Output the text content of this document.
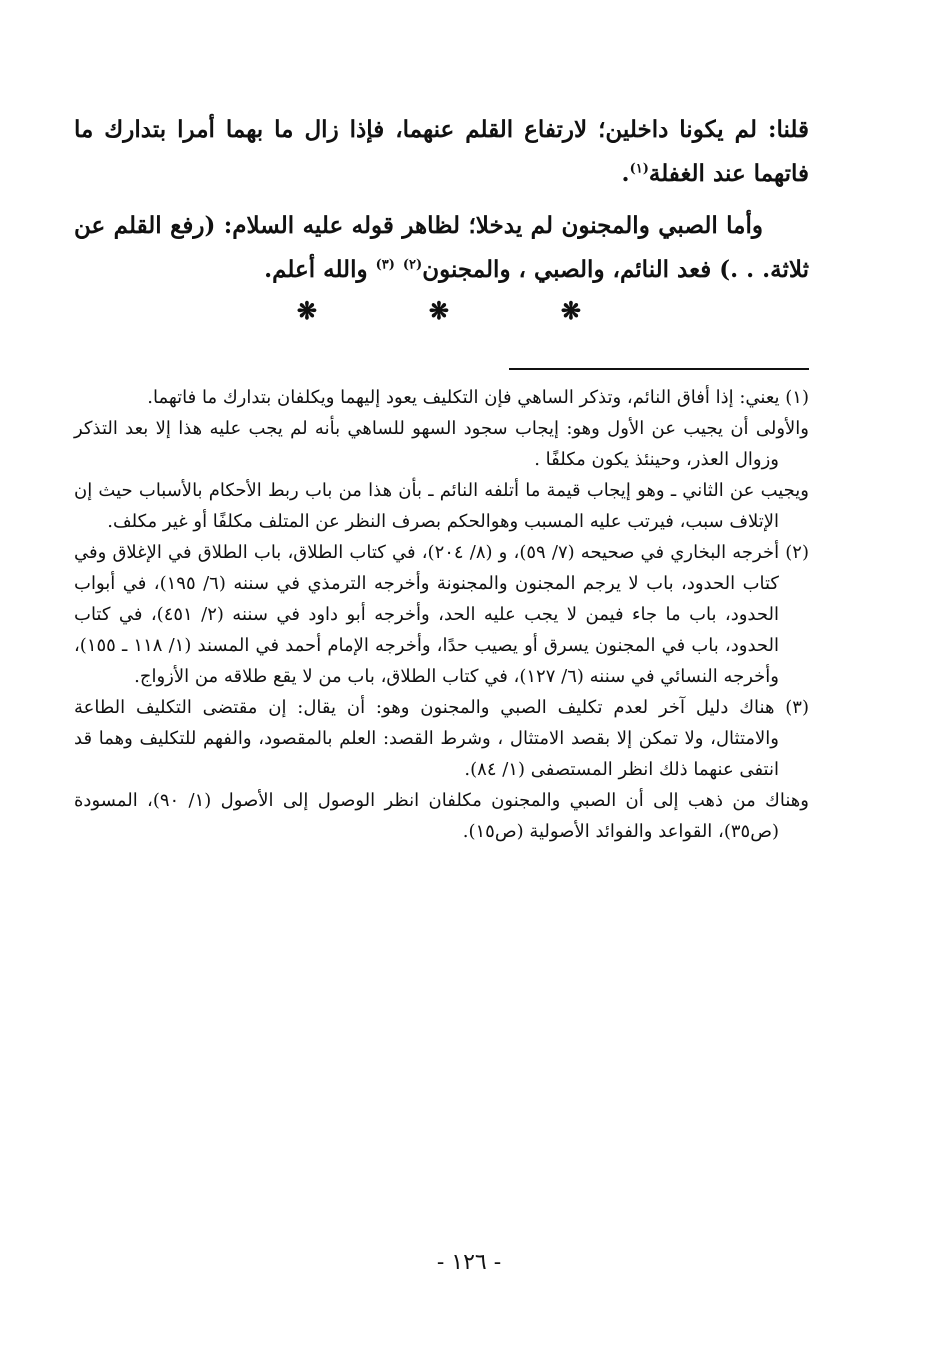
قلنا: لم يكونا داخلين؛ لارتفاع القلم عنهما، فإذا زال ما بهما أمرا بتدارك ما فاتهما عند الغفلة$^{(١)}$.

وأما الصبي والمجنون لم يدخلا؛ لظاهر قوله عليه السلام: (رفع القلم عن ثلاثة. . .) فعد النائم، والصبي ، والمجنون$^{(٢)}$ $^{(٣)}$ والله أعلم.

❋
❋
❋

(١) يعني: إذا أفاق النائم، وتذكر الساهي فإن التكليف يعود إليهما ويكلفان بتدارك ما فاتهما.

والأولى أن يجيب عن الأول وهو: إيجاب سجود السهو للساهي بأنه لم يجب عليه هذا إلا بعد التذكر وزوال العذر، وحينئذ يكون مكلفًا .

ويجيب عن الثاني ـ وهو إيجاب قيمة ما أتلفه النائم ـ بأن هذا من باب ربط الأحكام بالأسباب حيث إن الإتلاف سبب، فيرتب عليه المسبب وهوالحكم بصرف النظر عن المتلف مكلفًا أو غير مكلف.

(٢) أخرجه البخاري في صحيحه (٧/ ٥٩)، و (٨/ ٢٠٤)، في كتاب الطلاق، باب الطلاق في الإغلاق وفي كتاب الحدود، باب لا يرجم المجنون والمجنونة وأخرجه الترمذي في سننه (٦/ ١٩٥)، في أبواب الحدود، باب ما جاء فيمن لا يجب عليه الحد، وأخرجه أبو داود في سننه (٢/ ٤٥١)، في كتاب الحدود، باب في المجنون يسرق أو يصيب حدًا، وأخرجه الإمام أحمد في المسند (١/ ١١٨ ـ ١٥٥)، وأخرجه النسائي في سننه (٦/ ١٢٧)، في كتاب الطلاق، باب من لا يقع طلاقه من الأزواج.

(٣) هناك دليل آخر لعدم تكليف الصبي والمجنون وهو: أن يقال: إن مقتضى التكليف الطاعة والامتثال، ولا تمكن إلا بقصد الامتثال ، وشرط القصد: العلم بالمقصود، والفهم للتكليف وهما قد انتفى عنهما ذلك انظر المستصفى (١/ ٨٤).

وهناك من ذهب إلى أن الصبي والمجنون مكلفان انظر الوصول إلى الأصول (١/ ٩٠)، المسودة (ص٣٥)، القواعد والفوائد الأصولية (ص١٥).

- ١٢٦ -
